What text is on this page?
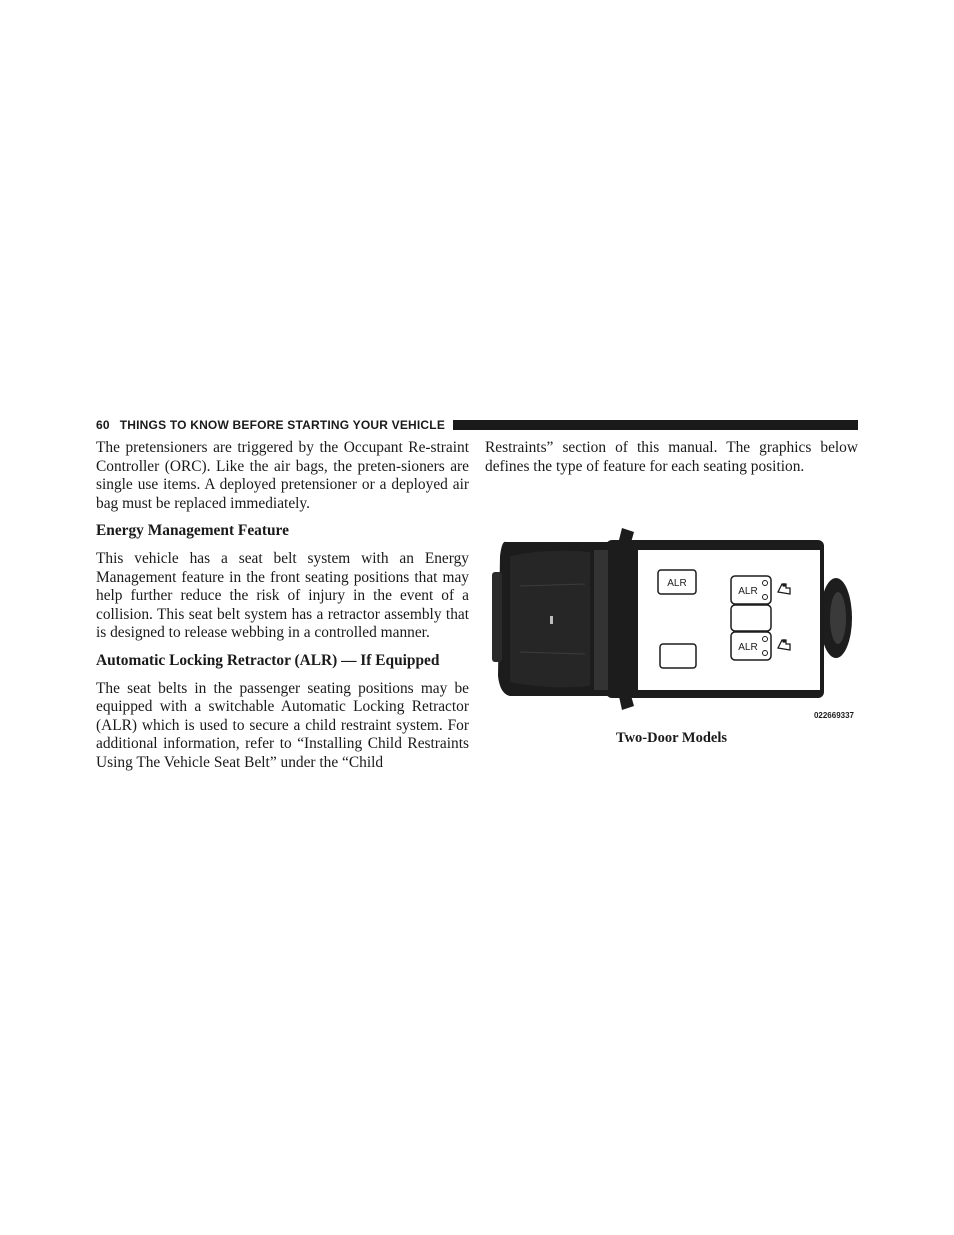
60 THINGS TO KNOW BEFORE STARTING YOUR VEHICLE

The pretensioners are triggered by the Occupant Re-straint Controller (ORC). Like the air bags, the preten-sioners are single use items. A deployed pretensioner or a deployed air bag must be replaced immediately.

Energy Management Feature

This vehicle has a seat belt system with an Energy Management feature in the front seating positions that may help further reduce the risk of injury in the event of a collision. This seat belt system has a retractor assembly that is designed to release webbing in a controlled manner.

Automatic Locking Retractor (ALR) — If Equipped

The seat belts in the passenger seating positions may be equipped with a switchable Automatic Locking Retractor (ALR) which is used to secure a child restraint system. For additional information, refer to “Installing Child Restraints Using The Vehicle Seat Belt” under the “Child

Restraints” section of this manual. The graphics below defines the type of feature for each seating position.

ALR
ALR
ALR
022669337
Two-Door Models
